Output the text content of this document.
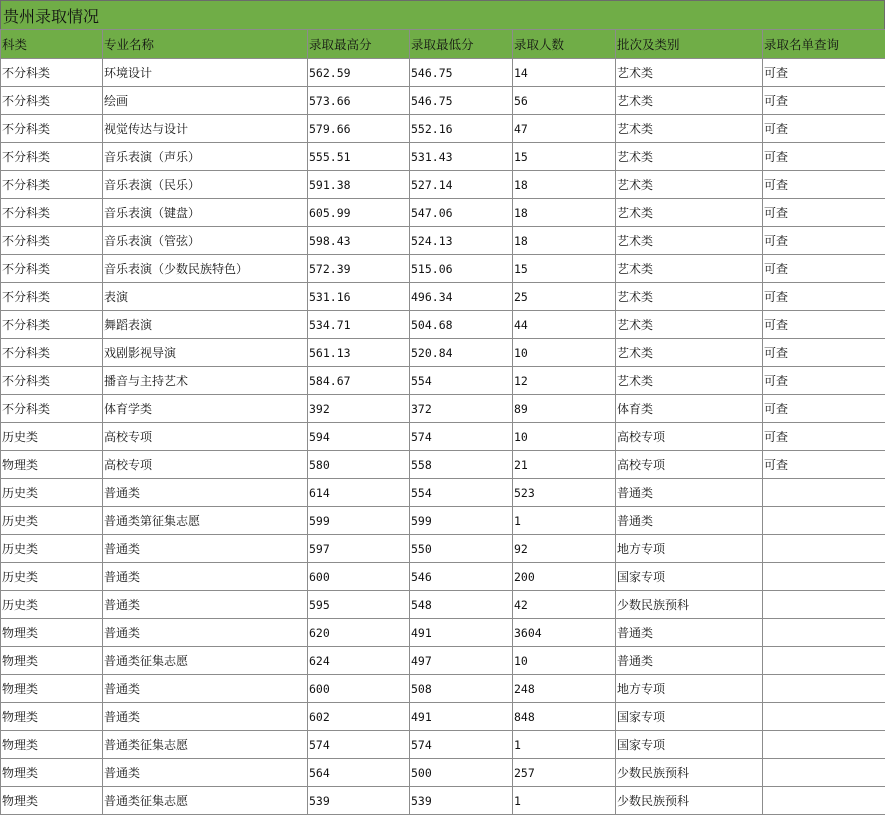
贵州录取情况
科类	专业名称	录取最高分	录取最低分	录取人数	批次及类别	录取名单查询
不分科类	环境设计	562.59	546.75	14	艺术类	可查
不分科类	绘画	573.66	546.75	56	艺术类	可查
不分科类	视觉传达与设计	579.66	552.16	47	艺术类	可查
不分科类	音乐表演（声乐）	555.51	531.43	15	艺术类	可查
不分科类	音乐表演（民乐）	591.38	527.14	18	艺术类	可查
不分科类	音乐表演（键盘）	605.99	547.06	18	艺术类	可查
不分科类	音乐表演（管弦）	598.43	524.13	18	艺术类	可查
不分科类	音乐表演（少数民族特色）	572.39	515.06	15	艺术类	可查
不分科类	表演	531.16	496.34	25	艺术类	可查
不分科类	舞蹈表演	534.71	504.68	44	艺术类	可查
不分科类	戏剧影视导演	561.13	520.84	10	艺术类	可查
不分科类	播音与主持艺术	584.67	554	12	艺术类	可查
不分科类	体育学类	392	372	89	体育类	可查
历史类	高校专项	594	574	10	高校专项	可查
物理类	高校专项	580	558	21	高校专项	可查
历史类	普通类	614	554	523	普通类	
历史类	普通类第征集志愿	599	599	1	普通类	
历史类	普通类	597	550	92	地方专项	
历史类	普通类	600	546	200	国家专项	
历史类	普通类	595	548	42	少数民族预科	
物理类	普通类	620	491	3604	普通类	
物理类	普通类征集志愿	624	497	10	普通类	
物理类	普通类	600	508	248	地方专项	
物理类	普通类	602	491	848	国家专项	
物理类	普通类征集志愿	574	574	1	国家专项	
物理类	普通类	564	500	257	少数民族预科	
物理类	普通类征集志愿	539	539	1	少数民族预科	
